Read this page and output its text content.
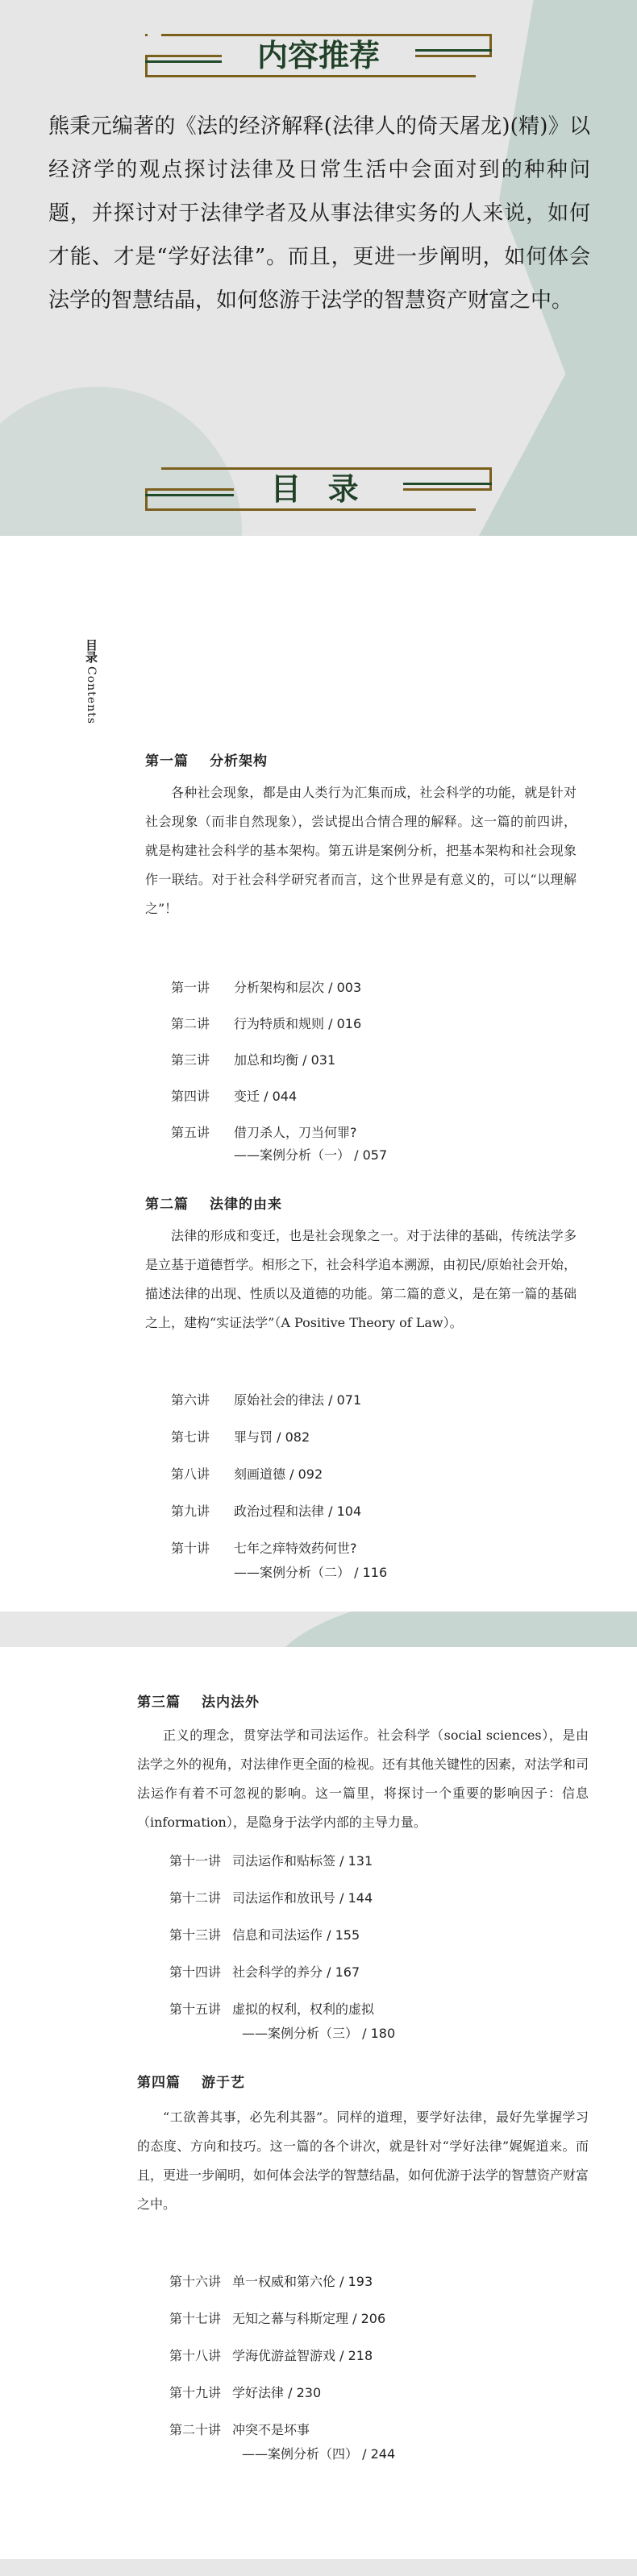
内容推荐

熊秉元编著的《法的经济解释(法律人的倚天屠龙)(精)》以经济学的观点探讨法律及日常生活中会面对到的种种问题，并探讨对于法律学者及从事法律实务的人来说，如何才能、才是“学好法律”。而且，更进一步阐明，如何体会法学的智慧结晶，如何悠游于法学的智慧资产财富之中。

目 录
目录
Contents
第一篇 分析架构

各种社会现象，都是由人类行为汇集而成，社会科学的功能，就是针对社会现象（而非自然现象），尝试提出合情合理的解释。这一篇的前四讲，就是构建社会科学的基本架构。第五讲是案例分析，把基本架构和社会现象作一联结。对于社会科学研究者而言，这个世界是有意义的，可以“以理解之”！

第一讲 分析架构和层次 / 003
第二讲 行为特质和规则 / 016
第三讲 加总和均衡 / 031
第四讲 变迁 / 044
第五讲 借刀杀人，刀当何罪?
——案例分析（一） / 057
第二篇 法律的由来

法律的形成和变迁，也是社会现象之一。对于法律的基础，传统法学多是立基于道德哲学。相形之下，社会科学追本溯源，由初民/原始社会开始，描述法律的出现、性质以及道德的功能。第二篇的意义，是在第一篇的基础之上，建构“实证法学”（A Positive Theory of Law）。

第六讲 原始社会的律法 / 071
第七讲 罪与罚 / 082
第八讲 刻画道德 / 092
第九讲 政治过程和法律 / 104
第十讲 七年之痒特效药何世?
——案例分析（二） / 116
第三篇 法内法外

正义的理念，贯穿法学和司法运作。社会科学（social sciences），是由法学之外的视角，对法律作更全面的检视。还有其他关键性的因素，对法学和司法运作有着不可忽视的影响。这一篇里，将探讨一个重要的影响因子：信息（information），是隐身于法学内部的主导力量。

第十一讲 司法运作和贴标签 / 131
第十二讲 司法运作和放讯号 / 144
第十三讲 信息和司法运作 / 155
第十四讲 社会科学的养分 / 167
第十五讲 虚拟的权利，权利的虚拟
——案例分析（三） / 180
第四篇 游于艺

“工欲善其事，必先利其器”。同样的道理，要学好法律，最好先掌握学习的态度、方向和技巧。这一篇的各个讲次，就是针对“学好法律”娓娓道来。而且，更进一步阐明，如何体会法学的智慧结晶，如何优游于法学的智慧资产财富之中。

第十六讲 单一权威和第六伦 / 193
第十七讲 无知之幕与科斯定理 / 206
第十八讲 学海优游益智游戏 / 218
第十九讲 学好法律 / 230
第二十讲 冲突不是坏事
——案例分析（四） / 244
